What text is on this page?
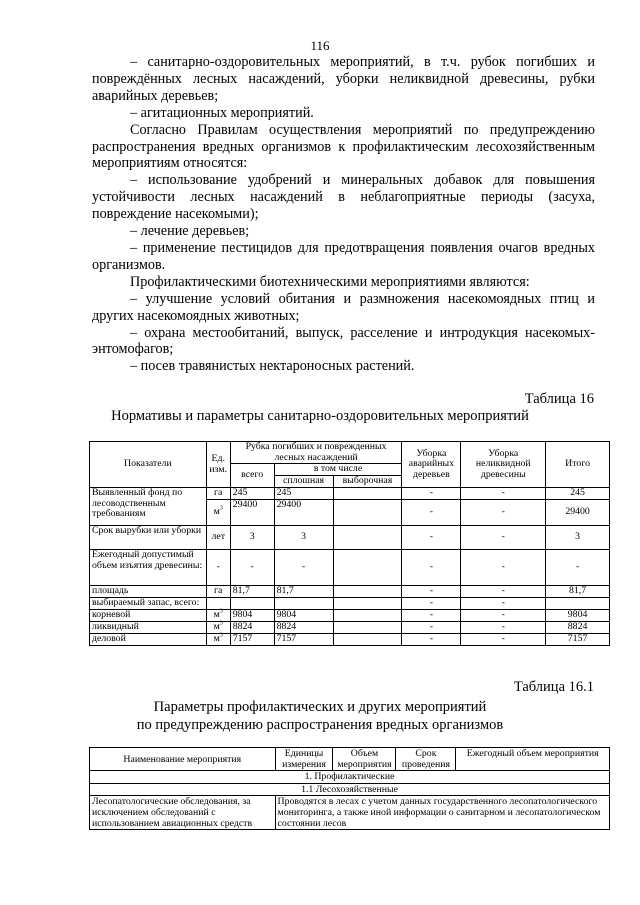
116

– санитарно-оздоровительных мероприятий, в т.ч. рубок погибших и повреждённых лесных насаждений, уборки неликвидной древесины, рубки аварийных деревьев;

– агитационных мероприятий.

Согласно Правилам осуществления мероприятий по предупреждению распространения вредных организмов к профилактическим лесохозяйственным мероприятиям относятся:

– использование удобрений и минеральных добавок для повышения устойчивости лесных насаждений в неблагоприятные периоды (засуха, повреждение насекомыми);

– лечение деревьев;

– применение пестицидов для предотвращения появления очагов вредных организмов.

Профилактическими биотехническими мероприятиями являются:

– улучшение условий обитания и размножения насекомоядных птиц и других насекомоядных животных;

– охрана местообитаний, выпуск, расселение и интродукция насекомых-энтомофагов;

– посев травянистых нектароносных растений.

Таблица 16
Нормативы и параметры санитарно-оздоровительных мероприятий
Показатели	Ед. изм.	Рубка погибших и поврежденных лесных насаждений			Уборка аварийных деревьев	Уборка неликвидной древесины	Итого
		всего	в том числе				
			сплошная	выборочная			
Выявленный фонд по лесоводственным требованиям	га	245	245		-	-	245
	$м^3$	29400	29400		-	-	29400
Срок вырубки или уборки	лет	3	3		-	-	3
Ежегодный допустимый объем изъятия древесины:	-	-	-		-	-	-
площадь	га	81,7	81,7		-	-	81,7
выбираемый запас, всего:					-	-	
корневой	$м^3$	9804	9804		-	-	9804
ликвидный	$м^3$	8824	8824		-	-	8824
деловой	$м^3$	7157	7157		-	-	7157
Таблица 16.1
Параметры профилактических и других мероприятий
по предупреждению распространения вредных организмов
Наименование мероприятия	Единицы измерения	Объем мероприятия	Срок проведения	Ежегодный объем мероприятия
1. Профилактические				
1.1 Лесохозяйственные				
Лесопатологические обследования, за исключением обследований с использованием авиационных средств	Проводятся в лесах с учетом данных государственного лесопатологического мониторинга, а также иной информации о санитарном и лесопатологическом состоянии лесов			
